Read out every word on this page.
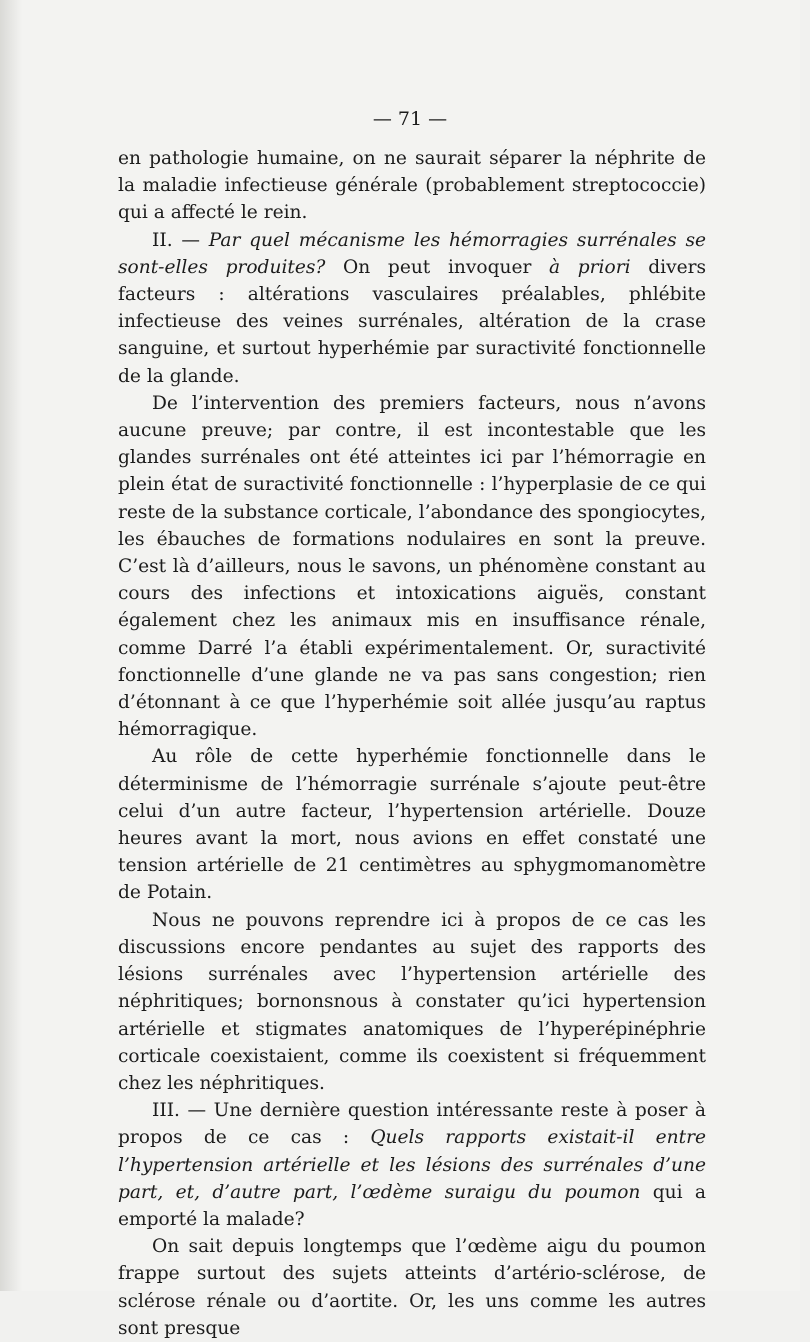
— 71 —

en pathologie humaine, on ne saurait séparer la néphrite de la maladie infectieuse générale (probablement streptococcie) qui a affecté le rein.

II. — Par quel mécanisme les hémorragies surrénales se sont-elles produites? On peut invoquer à priori divers facteurs : altérations vasculaires préalables, phlébite infectieuse des veines surrénales, altération de la crase sanguine, et surtout hyperhémie par suractivité fonctionnelle de la glande.

De l’intervention des premiers facteurs, nous n’avons aucune preuve; par contre, il est incontestable que les glandes surrénales ont été atteintes ici par l’hémorragie en plein état de suractivité fonctionnelle : l’hyperplasie de ce qui reste de la substance corticale, l’abondance des spongiocytes, les ébauches de formations nodulaires en sont la preuve. C’est là d’ailleurs, nous le savons, un phénomène constant au cours des infections et intoxications aiguës, constant également chez les animaux mis en insuffisance rénale, comme Darré l’a établi expérimentalement. Or, suractivité fonctionnelle d’une glande ne va pas sans congestion; rien d’étonnant à ce que l’hyperhémie soit allée jusqu’au raptus hémorragique.

Au rôle de cette hyperhémie fonctionnelle dans le déterminisme de l’hémorragie surrénale s’ajoute peut-être celui d’un autre facteur, l’hypertension artérielle. Douze heures avant la mort, nous avions en effet constaté une tension artérielle de 21 centimètres au sphygmomanomètre de Potain.

Nous ne pouvons reprendre ici à propos de ce cas les discussions encore pendantes au sujet des rapports des lésions surrénales avec l’hypertension artérielle des néphritiques; bornonsnous à constater qu’ici hypertension artérielle et stigmates anatomiques de l’hyperépinéphrie corticale coexistaient, comme ils coexistent si fréquemment chez les néphritiques.

III. — Une dernière question intéressante reste à poser à propos de ce cas : Quels rapports existait-il entre l’hypertension artérielle et les lésions des surrénales d’une part, et, d’autre part, l’œdème suraigu du poumon qui a emporté la malade?

On sait depuis longtemps que l’œdème aigu du poumon frappe surtout des sujets atteints d’artério-sclérose, de sclérose rénale ou d’aortite. Or, les uns comme les autres sont presque
